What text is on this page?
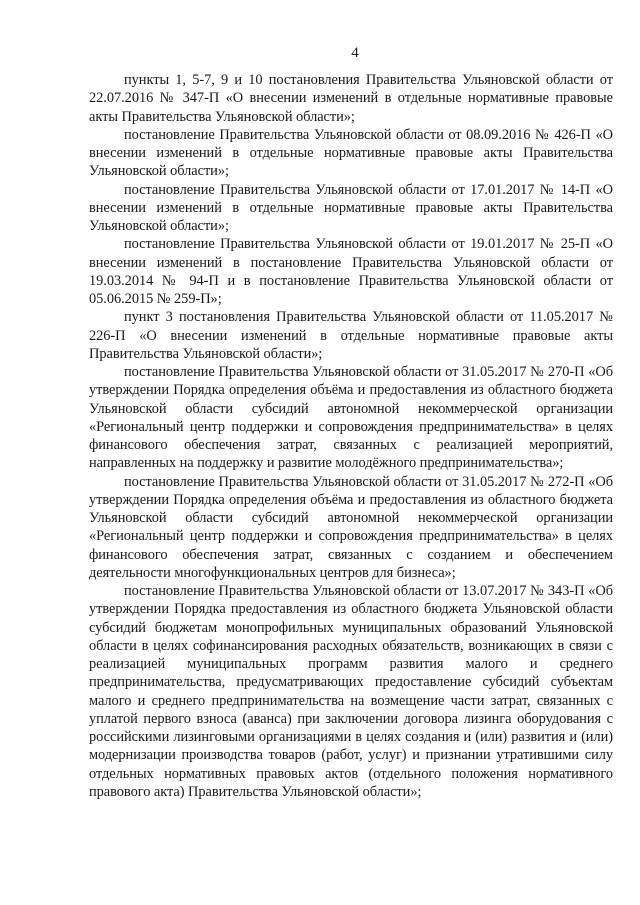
4

пункты 1, 5-7, 9 и 10 постановления Правительства Ульяновской области от 22.07.2016 № 347-П «О внесении изменений в отдельные нормативные правовые акты Правительства Ульяновской области»;

постановление Правительства Ульяновской области от 08.09.2016 № 426-П «О внесении изменений в отдельные нормативные правовые акты Правительства Ульяновской области»;

постановление Правительства Ульяновской области от 17.01.2017 № 14-П «О внесении изменений в отдельные нормативные правовые акты Правительства Ульяновской области»;

постановление Правительства Ульяновской области от 19.01.2017 № 25-П «О внесении изменений в постановление Правительства Ульяновской области от 19.03.2014 № 94-П и в постановление Правительства Ульяновской области от 05.06.2015 № 259-П»;

пункт 3 постановления Правительства Ульяновской области от 11.05.2017 № 226-П «О внесении изменений в отдельные нормативные правовые акты Правительства Ульяновской области»;

постановление Правительства Ульяновской области от 31.05.2017 № 270-П «Об утверждении Порядка определения объёма и предоставления из областного бюджета Ульяновской области субсидий автономной некоммерческой организации «Региональный центр поддержки и сопровождения предпринимательства» в целях финансового обеспечения затрат, связанных с реализацией мероприятий, направленных на поддержку и развитие молодёжного предпринимательства»;

постановление Правительства Ульяновской области от 31.05.2017 № 272-П «Об утверждении Порядка определения объёма и предоставления из областного бюджета Ульяновской области субсидий автономной некоммерческой организации «Региональный центр поддержки и сопровождения предпринимательства» в целях финансового обеспечения затрат, связанных с созданием и обеспечением деятельности многофункциональных центров для бизнеса»;

постановление Правительства Ульяновской области от 13.07.2017 № 343-П «Об утверждении Порядка предоставления из областного бюджета Ульяновской области субсидий бюджетам монопрофильных муниципальных образований Ульяновской области в целях софинансирования расходных обязательств, возникающих в связи с реализацией муниципальных программ развития малого и среднего предпринимательства, предусматривающих предоставление субсидий субъектам малого и среднего предпринимательства на возмещение части затрат, связанных с уплатой первого взноса (аванса) при заключении договора лизинга оборудования с российскими лизинговыми организациями в целях создания и (или) развития и (или) модернизации производства товаров (работ, услуг) и признании утратившими силу отдельных нормативных правовых актов (отдельного положения нормативного правового акта) Правительства Ульяновской области»;
